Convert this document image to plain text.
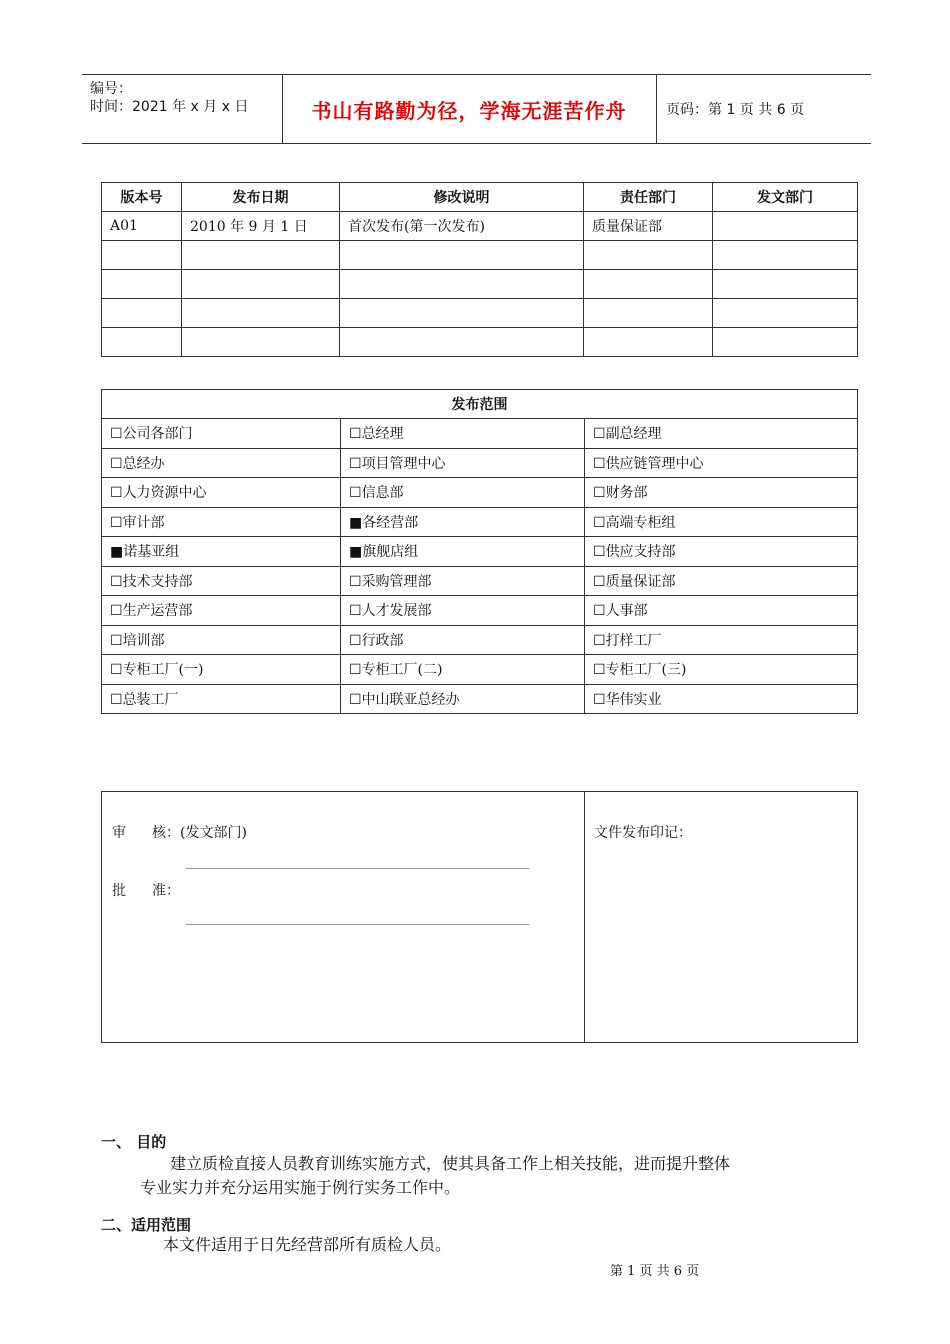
编号：
时间：2021 年 x 月 x 日	书山有路勤为径，学海无涯苦作舟	页码：第 1 页 共 6 页
版本号	发布日期	修改说明	责任部门	发文部门
A01	2010 年 9 月 1 日	首次发布(第一次发布)	质量保证部	

发布范围		
☐公司各部门	☐总经理	☐副总经理
☐总经办	☐项目管理中心	☐供应链管理中心
☐人力资源中心	☐信息部	☐财务部
☐审计部	■各经营部	☐高端专柜组
■诺基亚组	■旗舰店组	☐供应支持部
☐技术支持部	☐采购管理部	☐质量保证部
☐生产运营部	☐人才发展部	☐人事部
☐培训部	☐行政部	☐打样工厂
☐专柜工厂(一)	☐专柜工厂(二)	☐专柜工厂(三)
☐总装工厂	☐中山联亚总经办	☐华伟实业
审 核：(发文部门)
批 准：
文件发布印记：
一、 目的
建立质检直接人员教育训练实施方式，使其具备工作上相关技能，进而提升整体
专业实力并充分运用实施于例行实务工作中。
二、适用范围
本文件适用于日先经营部所有质检人员。
第 1 页 共 6 页
